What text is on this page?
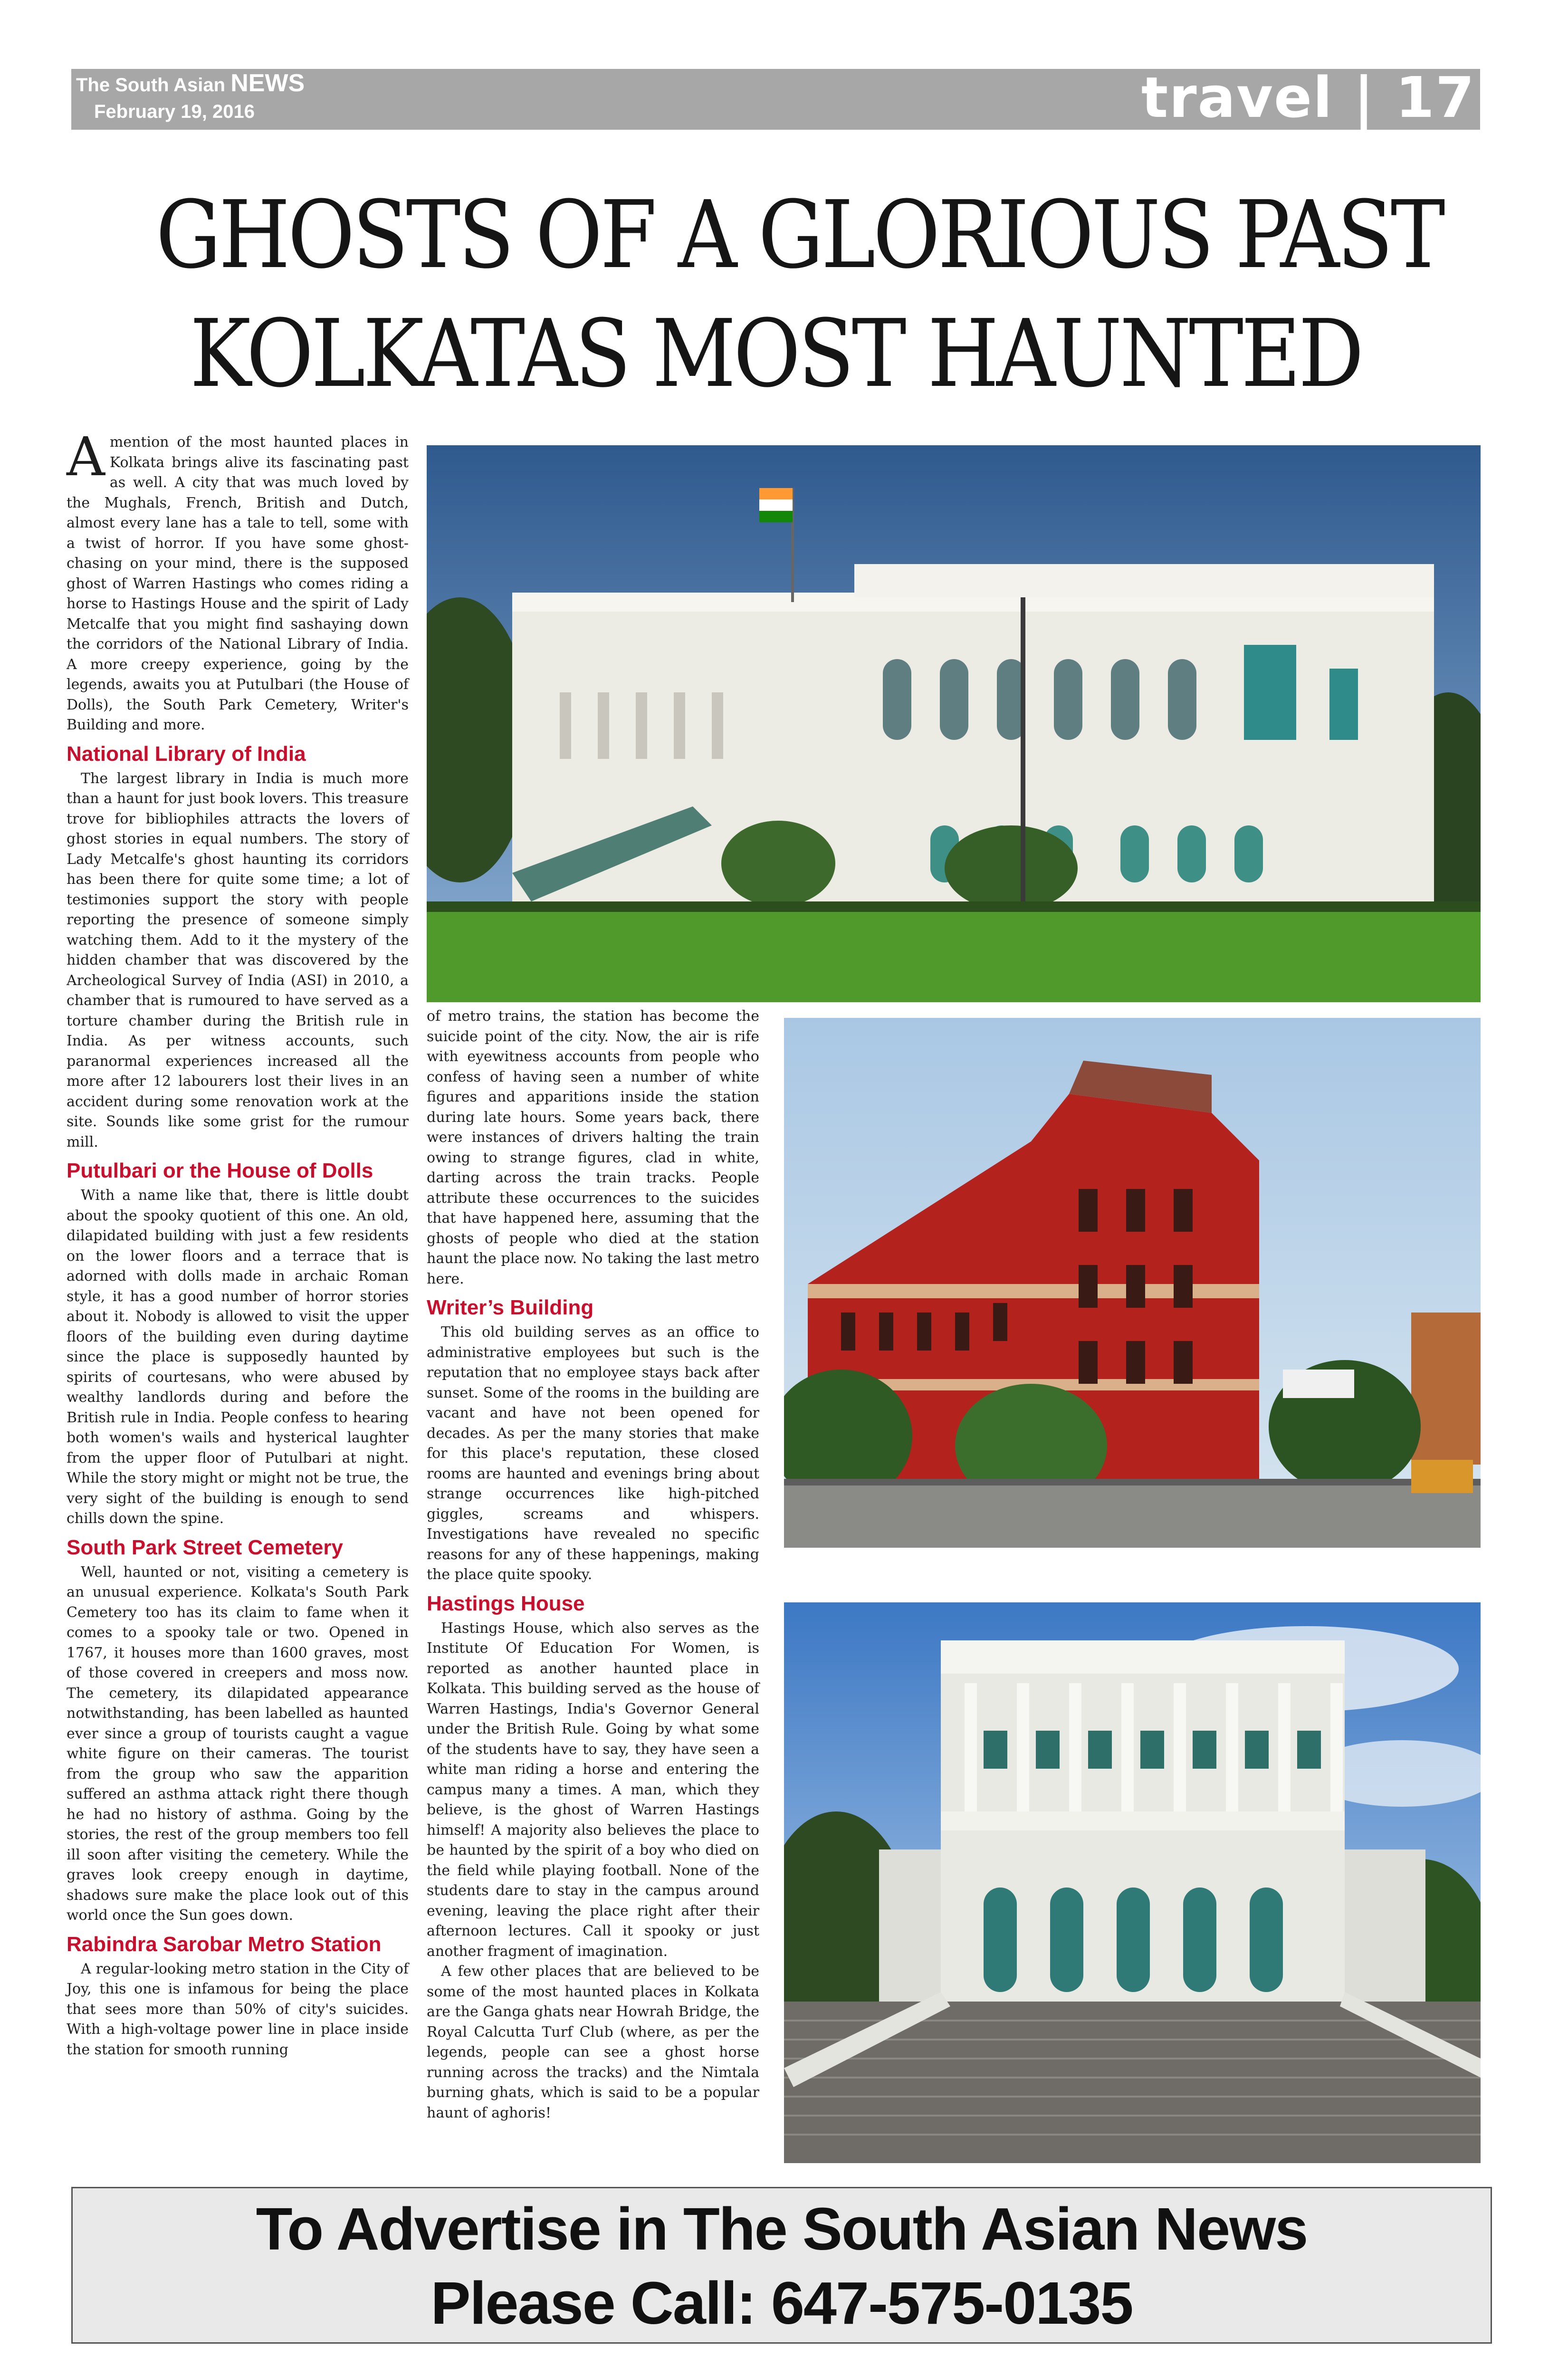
The South Asian NEWS
February 19, 2016	travel | 17
GHOSTS OF A GLORIOUS PAST
KOLKATAS MOST HAUNTED

Amention of the most haunted places in Kolkata brings alive its fascinating past as well. A city that was much loved by the Mughals, French, British and Dutch, almost every lane has a tale to tell, some with a twist of horror. If you have some ghost-chasing on your mind, there is the supposed ghost of Warren Hastings who comes riding a horse to Hastings House and the spirit of Lady Metcalfe that you might find sashaying down the corridors of the National Library of India. A more creepy experience, going by the legends, awaits you at Putulbari (the House of Dolls), the South Park Cemetery, Writer's Building and more.

National Library of India

The largest library in India is much more than a haunt for just book lovers. This treasure trove for bibliophiles attracts the lovers of ghost stories in equal numbers. The story of Lady Metcalfe's ghost haunting its corridors has been there for quite some time; a lot of testimonies support the story with people reporting the presence of someone simply watching them. Add to it the mystery of the hidden chamber that was discovered by the Archeological Survey of India (ASI) in 2010, a chamber that is rumoured to have served as a torture chamber during the British rule in India. As per witness accounts, such paranormal experiences increased all the more after 12 labourers lost their lives in an accident during some renovation work at the site. Sounds like some grist for the rumour mill.

Putulbari or the House of Dolls

With a name like that, there is little doubt about the spooky quotient of this one. An old, dilapidated building with just a few residents on the lower floors and a terrace that is adorned with dolls made in archaic Roman style, it has a good number of horror stories about it. Nobody is allowed to visit the upper floors of the building even during daytime since the place is supposedly haunted by spirits of courtesans, who were abused by wealthy landlords during and before the British rule in India. People confess to hearing both women's wails and hysterical laughter from the upper floor of Putulbari at night. While the story might or might not be true, the very sight of the building is enough to send chills down the spine.

South Park Street Cemetery

Well, haunted or not, visiting a cemetery is an unusual experience. Kolkata's South Park Cemetery too has its claim to fame when it comes to a spooky tale or two. Opened in 1767, it houses more than 1600 graves, most of those covered in creepers and moss now. The cemetery, its dilapidated appearance notwithstanding, has been labelled as haunted ever since a group of tourists caught a vague white figure on their cameras. The tourist from the group who saw the apparition suffered an asthma attack right there though he had no history of asthma. Going by the stories, the rest of the group members too fell ill soon after visiting the cemetery. While the graves look creepy enough in daytime, shadows sure make the place look out of this world once the Sun goes down.

Rabindra Sarobar Metro Station

A regular-looking metro station in the City of Joy, this one is infamous for being the place that sees more than 50% of city's suicides. With a high-voltage power line in place inside the station for smooth running

of metro trains, the station has become the suicide point of the city. Now, the air is rife with eyewitness accounts from people who confess of having seen a number of white figures and apparitions inside the station during late hours. Some years back, there were instances of drivers halting the train owing to strange figures, clad in white, darting across the train tracks. People attribute these occurrences to the suicides that have happened here, assuming that the ghosts of people who died at the station haunt the place now. No taking the last metro here.

Writer’s Building

This old building serves as an office to administrative employees but such is the reputation that no employee stays back after sunset. Some of the rooms in the building are vacant and have not been opened for decades. As per the many stories that make for this place's reputation, these closed rooms are haunted and evenings bring about strange occurrences like high-pitched giggles, screams and whispers. Investigations have revealed no specific reasons for any of these happenings, making the place quite spooky.

Hastings House

Hastings House, which also serves as the Institute Of Education For Women, is reported as another haunted place in Kolkata. This building served as the house of Warren Hastings, India's Governor General under the British Rule. Going by what some of the students have to say, they have seen a white man riding a horse and entering the campus many a times. A man, which they believe, is the ghost of Warren Hastings himself! A majority also believes the place to be haunted by the spirit of a boy who died on the field while playing football. None of the students dare to stay in the campus around evening, leaving the place right after their afternoon lectures. Call it spooky or just another fragment of imagination.

A few other places that are believed to be some of the most haunted places in Kolkata are the Ganga ghats near Howrah Bridge, the Royal Calcutta Turf Club (where, as per the legends, people can see a ghost horse running across the tracks) and the Nimtala burning ghats, which is said to be a popular haunt of aghoris!

To Advertise in The South Asian News
Please Call: 647-575-0135
